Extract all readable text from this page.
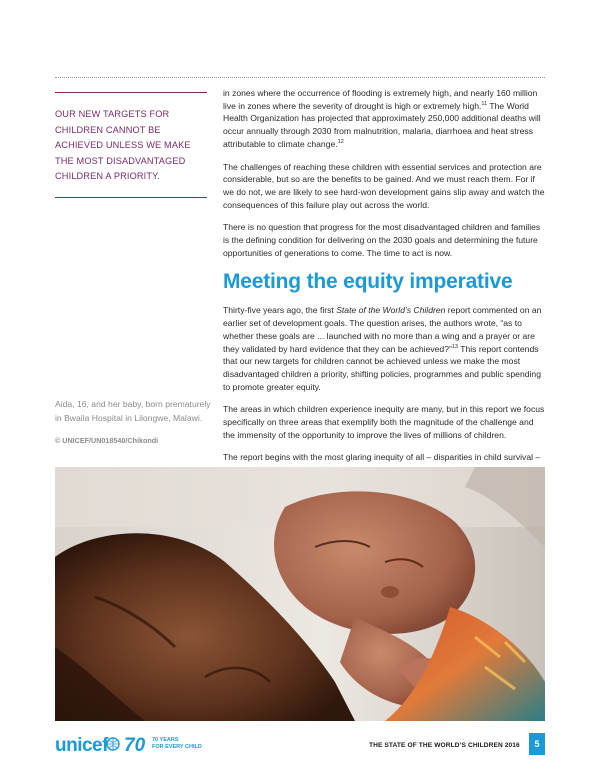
OUR NEW TARGETS FOR CHILDREN CANNOT BE ACHIEVED UNLESS WE MAKE THE MOST DISADVANTAGED CHILDREN A PRIORITY.

in zones where the occurrence of flooding is extremely high, and nearly 160 million live in zones where the severity of drought is high or extremely high.$^{11}$ The World Health Organization has projected that approximately 250,000 additional deaths will occur annually through 2030 from malnutrition, malaria, diarrhoea and heat stress attributable to climate change.$^{12}$

The challenges of reaching these children with essential services and protection are considerable, but so are the benefits to be gained. And we must reach them. For if we do not, we are likely to see hard-won development gains slip away and watch the consequences of this failure play out across the world.

There is no question that progress for the most disadvantaged children and families is the defining condition for delivering on the 2030 goals and determining the future opportunities of generations to come. The time to act is now.

Meeting the equity imperative

Thirty-five years ago, the first State of the World’s Children report commented on an earlier set of development goals. The question arises, the authors wrote, “as to whether these goals are ... launched with no more than a wing and a prayer or are they validated by hard evidence that they can be achieved?”$^{13}$ This report contends that our new targets for children cannot be achieved unless we make the most disadvantaged children a priority, shifting policies, programmes and public spending to promote greater equity.

The areas in which children experience inequity are many, but in this report we focus specifically on three areas that exemplify both the magnitude of the challenge and the immensity of the opportunity to improve the lives of millions of children.

The report begins with the most glaring inequity of all – disparities in child survival –

Aida, 16, and her baby, born prematurely in Bwaila Hospital in Lilongwe, Malawi.

© UNICEF/UN018540/Chikondi

unicef 70 70 YEARS
FOR EVERY CHILD	THE STATE OF THE WORLD’S CHILDREN 2016	5
